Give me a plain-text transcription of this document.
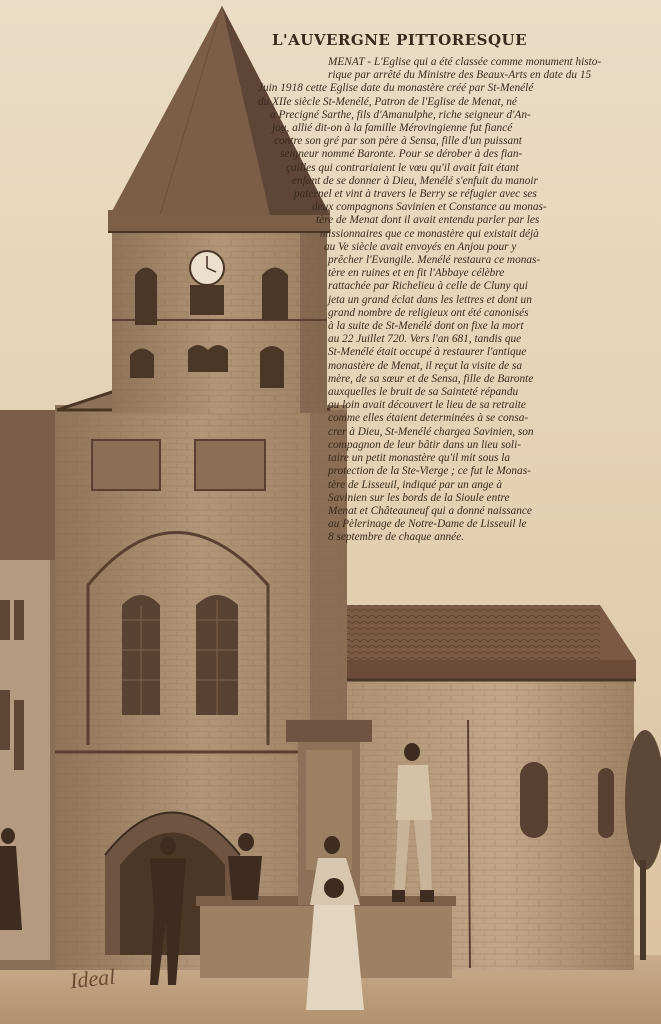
L'AUVERGNE PITTORESQUE
MENAT - L'Eglise qui a été classée comme monument histo-
rique par arrêté du Ministre des Beaux-Arts en date du 15
Juin 1918 cette Eglise date du monastère créé par St-Menélé
du XIIe siècle St-Menélé, Patron de l'Eglise de Menat, né
a Precigné Sarthe, fils d'Amanulphe, riche seigneur d'An-
jou, allié dit-on à la famille Mérovingienne fut fiancé
contre son gré par son père à Sensa, fille d'un puissant
seigneur nommé Baronte. Pour se dérober à des fian-
çailles qui contrariaient le vœu qu'il avait fait étant
enfant de se donner à Dieu, Menélé s'enfuit du manoir
paternel et vint à travers le Berry se réfugier avec ses
deux compagnons Savinien et Constance au monas-
tère de Menat dont il avait entendu parler par les
missionnaires que ce monastère qui existait déjà
au Ve siècle avait envoyés en Anjou pour y
prêcher l'Evangile. Menélé restaura ce monas-
tère en ruines et en fit l'Abbaye célèbre
rattachée par Richelieu à celle de Cluny qui
jeta un grand éclat dans les lettres et dont un
grand nombre de religieux ont été canonisés
à la suite de St-Menélé dont on fixe la mort
au 22 Juillet 720. Vers l'an 681, tandis que
St-Menélé était occupé à restaurer l'antique
monastère de Menat, il reçut la visite de sa
mère, de sa sœur et de Sensa, fille de Baronte
auxquelles le bruit de sa Sainteté répandu
au loin avait découvert le lieu de sa retraite
comme elles étaient determinées à se consa-
crer à Dieu, St-Menélé chargea Savinien, son
compagnon de leur bâtir dans un lieu soli-
taire un petit monastère qu'il mit sous la
protection de la Ste-Vierge ; ce fut le Monas-
tère de Lisseuil, indiqué par un ange à
Savinien sur les bords de la Sioule entre
Menat et Châteauneuf qui a donné naissance
au Pèlerinage de Notre-Dame de Lisseuil le
8 septembre de chaque année.
Ideal
